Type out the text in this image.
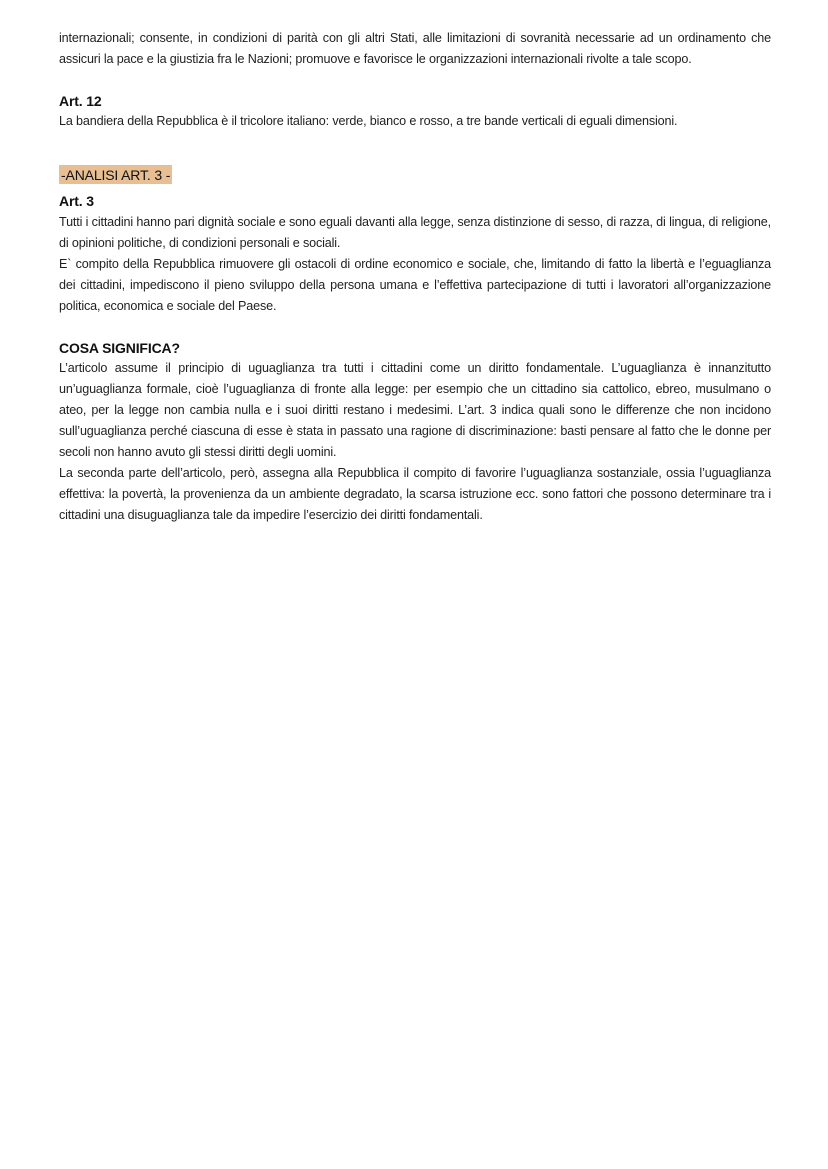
internazionali; consente, in condizioni di parità con gli altri Stati, alle limitazioni di sovranità necessarie ad un ordinamento che assicuri la pace e la giustizia fra le Nazioni; promuove e favorisce le organizzazioni internazionali rivolte a tale scopo.

Art. 12

La bandiera della Repubblica è il tricolore italiano: verde, bianco e rosso, a tre bande verticali di eguali dimensioni.

-ANALISI ART. 3 -

Art. 3

Tutti i cittadini hanno pari dignità sociale e sono eguali davanti alla legge, senza distinzione di sesso, di razza, di lingua, di religione, di opinioni politiche, di condizioni personali e sociali.

E` compito della Repubblica rimuovere gli ostacoli di ordine economico e sociale, che, limitando di fatto la libertà e l’eguaglianza dei cittadini, impediscono il pieno sviluppo della persona umana e l’effettiva partecipazione di tutti i lavoratori all’organizzazione politica, economica e sociale del Paese.

COSA SIGNIFICA?

L’articolo assume il principio di uguaglianza tra tutti i cittadini come un diritto fondamentale. L’uguaglianza è innanzitutto un’uguaglianza formale, cioè l’uguaglianza di fronte alla legge: per esempio che un cittadino sia cattolico, ebreo, musulmano o ateo, per la legge non cambia nulla e i suoi diritti restano i medesimi. L’art. 3 indica quali sono le differenze che non incidono sull’uguaglianza perché ciascuna di esse è stata in passato una ragione di discriminazione: basti pensare al fatto che le donne per secoli non hanno avuto gli stessi diritti degli uomini.

La seconda parte dell’articolo, però, assegna alla Repubblica il compito di favorire l’uguaglianza sostanziale, ossia l’uguaglianza effettiva: la povertà, la provenienza da un ambiente degradato, la scarsa istruzione ecc. sono fattori che possono determinare tra i cittadini una disuguaglianza tale da impedire l’esercizio dei diritti fondamentali.
